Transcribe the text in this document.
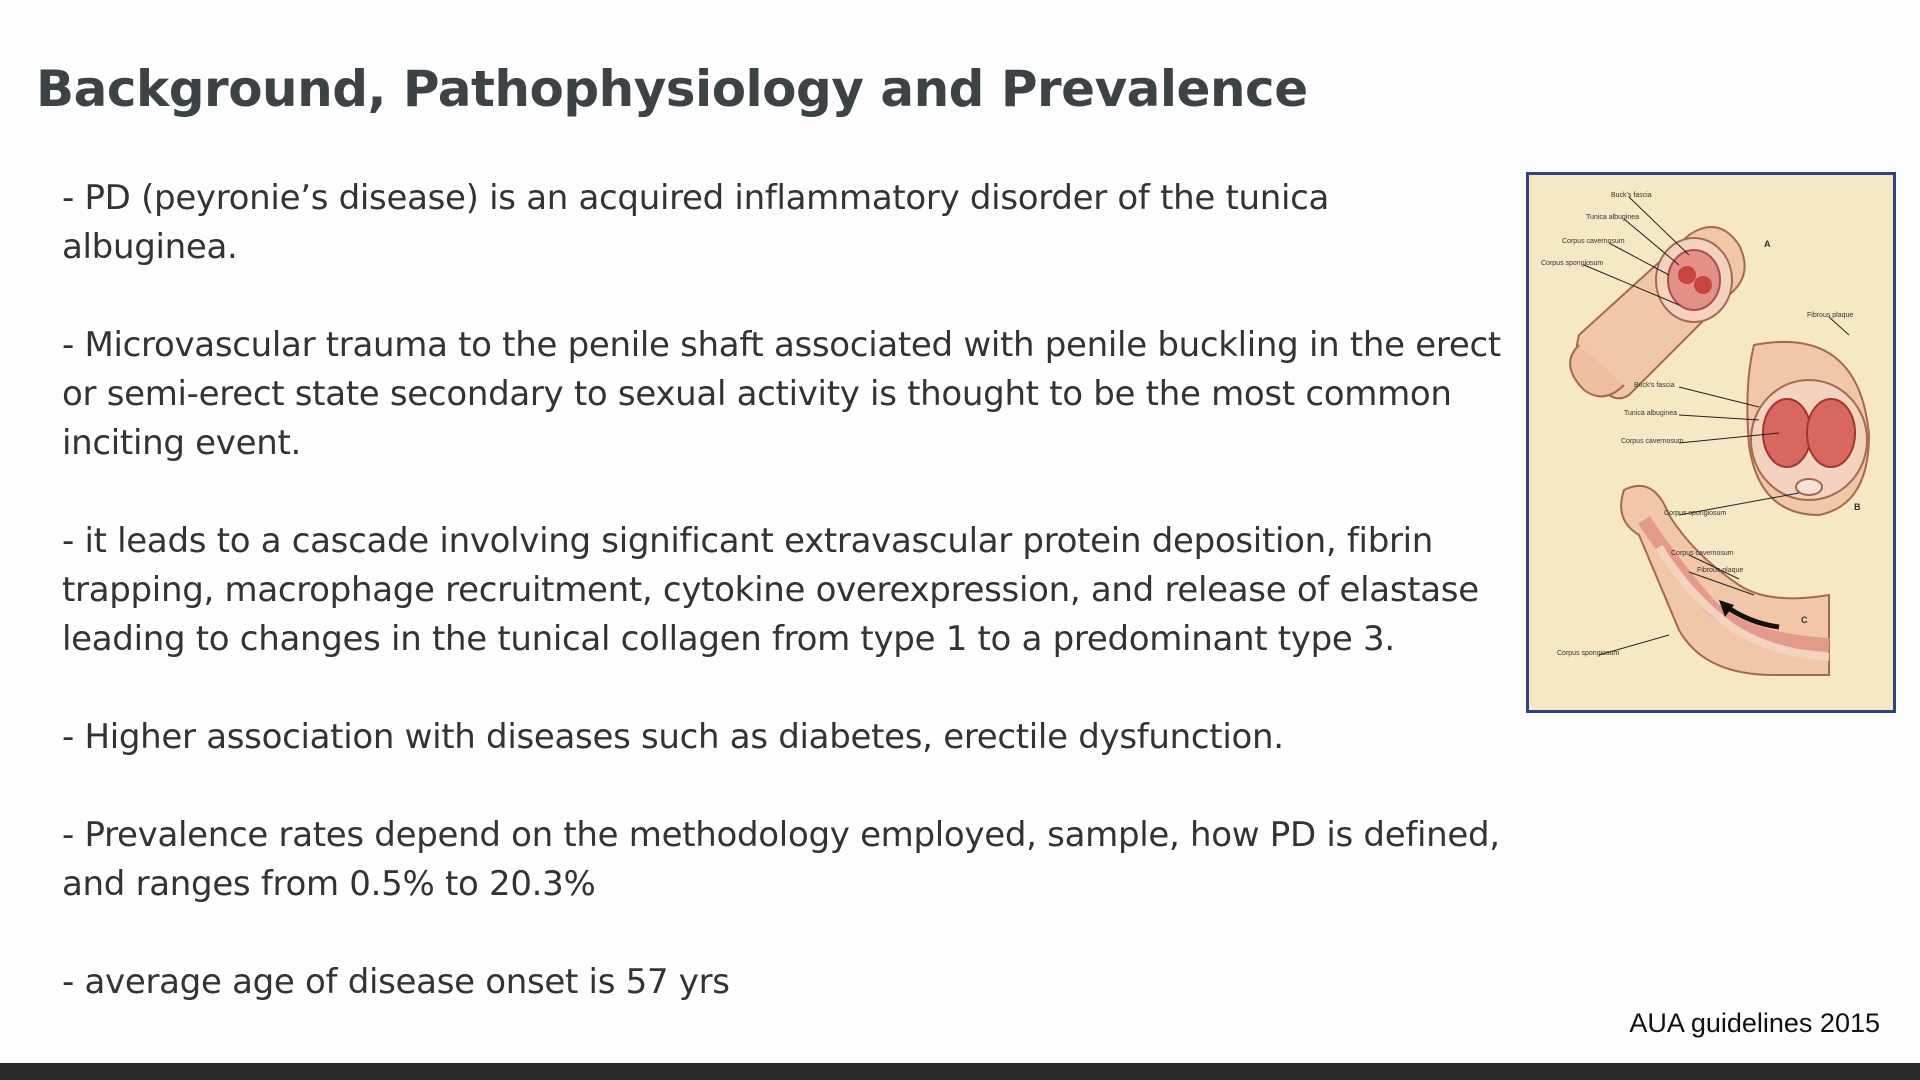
Background, Pathophysiology and Prevalence
- PD (peyronie’s disease) is an acquired inflammatory disorder of the tunica albuginea.
- Microvascular trauma to the penile shaft associated with penile buckling in the erect or semi-erect state secondary to sexual activity is thought to be the most common inciting event.
- it leads to a cascade involving significant extravascular protein deposition, fibrin trapping, macrophage recruitment, cytokine overexpression, and release of elastase leading to changes in the tunical collagen from type 1 to a predominant type 3.
- Higher association with diseases such as diabetes, erectile dysfunction.
- Prevalence rates depend on the methodology employed, sample, how PD is defined, and ranges from 0.5% to 20.3%
- average age of disease onset is 57 yrs
Buck's fascia
Tunica albuginea
Corpus cavernosum
Corpus spongiosum
Fibrous plaque
A
Buck's fascia
Tunica albuginea
Corpus cavernosum
Corpus spongiosum
B
Corpus cavernosum
Fibrous plaque
Corpus spongiosum
C
AUA guidelines 2015
